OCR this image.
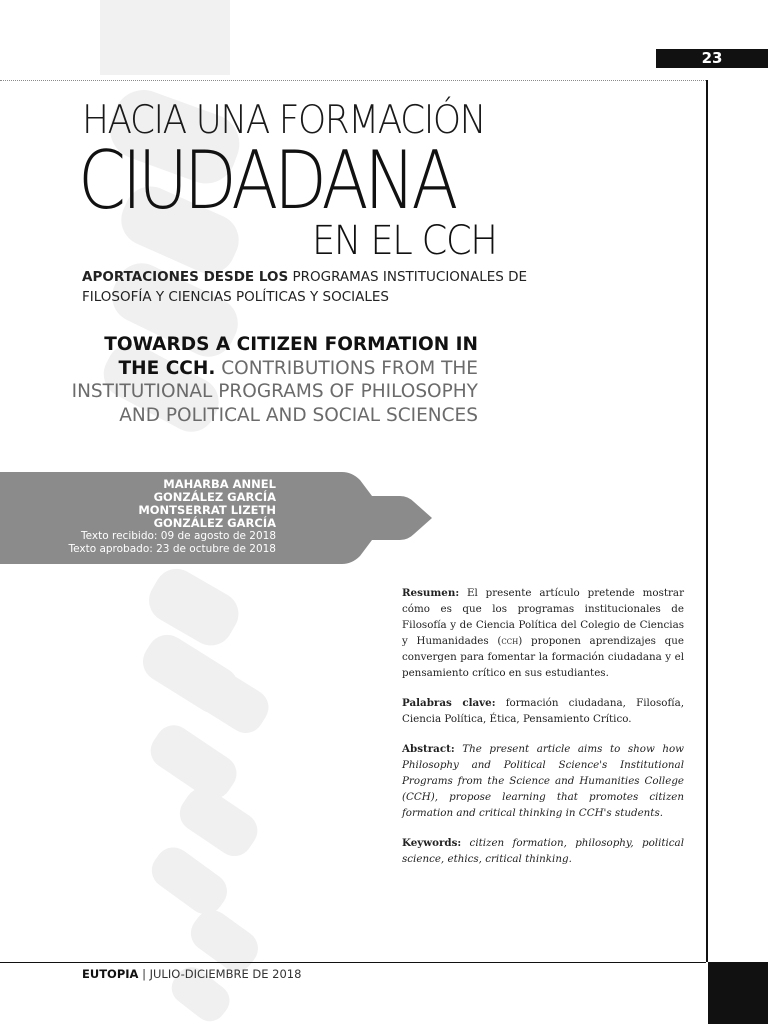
23
HACIA UNA FORMACIÓN
CIUDADANA
EN EL CCH
APORTACIONES DESDE LOS PROGRAMAS INSTITUCIONALES DE FILOSOFÍA Y CIENCIAS POLÍTICAS Y SOCIALES
TOWARDS A CITIZEN FORMATION IN THE CCH. CONTRIBUTIONS FROM THE INSTITUTIONAL PROGRAMS OF PHILOSOPHY AND POLITICAL AND SOCIAL SCIENCES
MAHARBA ANNEL
GONZÁLEZ GARCÍA
MONTSERRAT LIZETH
GONZÁLEZ GARCÍA
Texto recibido: 09 de agosto de 2018
Texto aprobado: 23 de octubre de 2018

Resumen: El presente artículo pretende mostrar cómo es que los programas institucionales de Filosofía y de Ciencia Política del Colegio de Ciencias y Humanidades (cch) proponen aprendizajes que convergen para fomentar la formación ciudadana y el pensamiento crítico en sus estudiantes.

Palabras clave: formación ciudadana, Filosofía, Ciencia Política, Ética, Pensamiento Crítico.

Abstract: The present article aims to show how Philosophy and Political Science's Institutional Programs from the Science and Humanities College (CCH), propose learning that promotes citizen formation and critical thinking in CCH's students.

Keywords: citizen formation, philosophy, political science, ethics, critical thinking.

EUTOPIA | JULIO-DICIEMBRE DE 2018
